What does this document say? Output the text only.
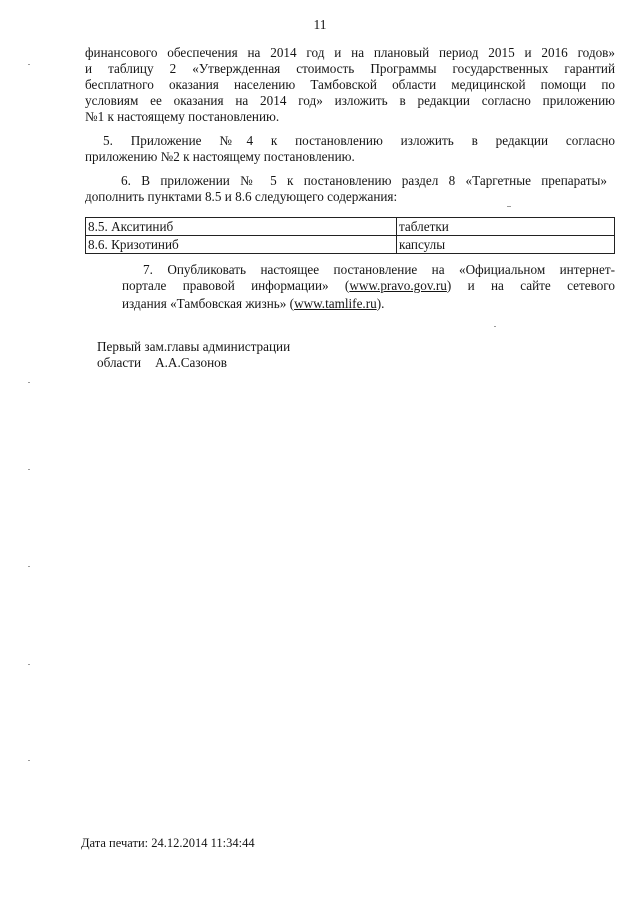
11
финансового обеспечения на 2014 год и на плановый период 2015 и 2016 годов»
и таблицу 2 «Утвержденная стоимость Программы государственных гарантий
бесплатного оказания населению Тамбовской области медицинской помощи по
условиям ее оказания на 2014 год» изложить в редакции согласно приложению
№1 к настоящему постановлению.
5. Приложение №4 к постановлению изложить в редакции согласно
приложению №2 к настоящему постановлению.
6. В приложении № 5 к постановлению раздел 8 «Таргетные препараты»
дополнить пунктами 8.5 и 8.6 следующего содержания:
8.5. Акситиниб	таблетки
8.6. Кризотиниб	капсулы
7. Опубликовать настоящее постановление на «Официальном интернет-
портале правовой информации» (www.pravo.gov.ru) и на сайте сетевого
издания «Тамбовская жизнь» (www.tamlife.ru).
Первый зам.главы администрации
области А.А.Сазонов
Дата печати: 24.12.2014 11:34:44
